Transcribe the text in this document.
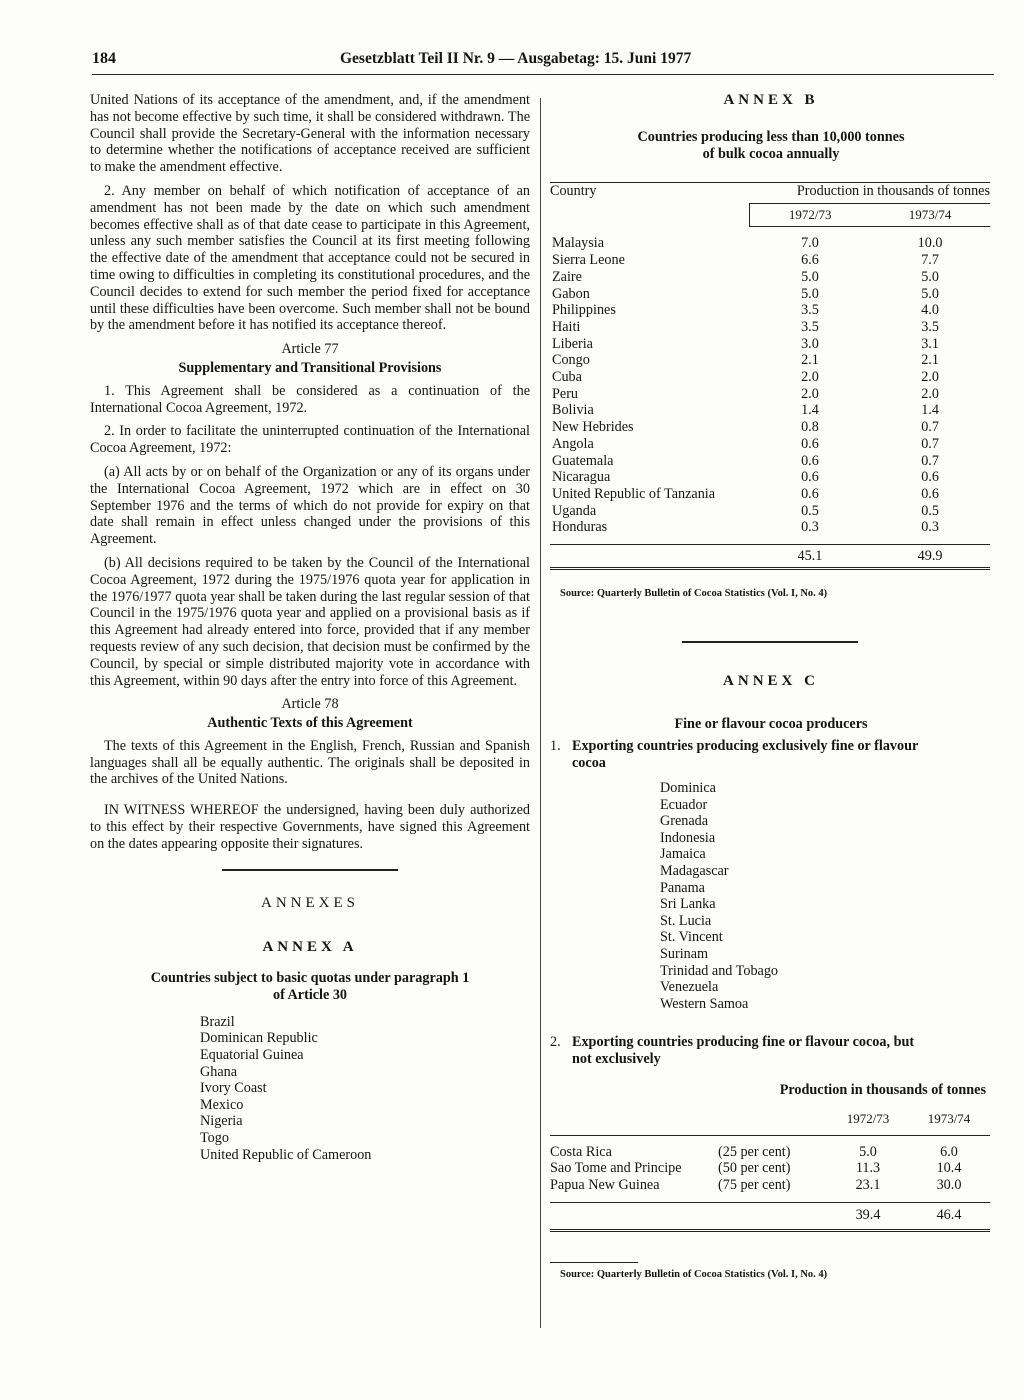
184	Gesetzblatt Teil II Nr. 9 — Ausgabetag: 15. Juni 1977

United Nations of its acceptance of the amendment, and, if the amendment has not become effective by such time, it shall be considered withdrawn. The Council shall provide the Secretary-General with the information necessary to determine whether the notifications of acceptance received are sufficient to make the amendment effective.

2. Any member on behalf of which notification of acceptance of an amendment has not been made by the date on which such amendment becomes effective shall as of that date cease to participate in this Agreement, unless any such member satisfies the Council at its first meeting following the effective date of the amendment that acceptance could not be secured in time owing to difficulties in completing its constitutional procedures, and the Council decides to extend for such member the period fixed for acceptance until these difficulties have been overcome. Such member shall not be bound by the amendment before it has notified its acceptance thereof.

Article 77
Supplementary and Transitional Provisions

1. This Agreement shall be considered as a continuation of the International Cocoa Agreement, 1972.

2. In order to facilitate the uninterrupted continuation of the International Cocoa Agreement, 1972:

(a) All acts by or on behalf of the Organization or any of its organs under the International Cocoa Agreement, 1972 which are in effect on 30 September 1976 and the terms of which do not provide for expiry on that date shall remain in effect unless changed under the provisions of this Agreement.

(b) All decisions required to be taken by the Council of the International Cocoa Agreement, 1972 during the 1975/1976 quota year for application in the 1976/1977 quota year shall be taken during the last regular session of that Council in the 1975/1976 quota year and applied on a provisional basis as if this Agreement had already entered into force, provided that if any member requests review of any such decision, that decision must be confirmed by the Council, by special or simple distributed majority vote in accordance with this Agreement, within 90 days after the entry into force of this Agreement.

Article 78
Authentic Texts of this Agreement

The texts of this Agreement in the English, French, Russian and Spanish languages shall all be equally authentic. The originals shall be deposited in the archives of the United Nations.

IN WITNESS WHEREOF the undersigned, having been duly authorized to this effect by their respective Governments, have signed this Agreement on the dates appearing opposite their signatures.

ANNEXES
ANNEX A
Countries subject to basic quotas under paragraph 1
of Article 30
Brazil
Dominican Republic
Equatorial Guinea
Ghana
Ivory Coast
Mexico
Nigeria
Togo
United Republic of Cameroon
ANNEX B
Countries producing less than 10,000 tonnes
of bulk cocoa annually
Country	Production in thousands of tonnes	
	1972/73	1973/74

Malaysia	7.0	10.0
Sierra Leone	6.6	7.7
Zaire	5.0	5.0
Gabon	5.0	5.0
Philippines	3.5	4.0
Haiti	3.5	3.5
Liberia	3.0	3.1
Congo	2.1	2.1
Cuba	2.0	2.0
Peru	2.0	2.0
Bolivia	1.4	1.4
New Hebrides	0.8	0.7
Angola	0.6	0.7
Guatemala	0.6	0.7
Nicaragua	0.6	0.6
United Republic of Tanzania	0.6	0.6
Uganda	0.5	0.5
Honduras	0.3	0.3

	45.1	49.9
Source: Quarterly Bulletin of Cocoa Statistics (Vol. I, No. 4)
ANNEX C
Fine or flavour cocoa producers
1. Exporting countries producing exclusively fine or flavour
cocoa
Dominica
Ecuador
Grenada
Indonesia
Jamaica
Madagascar
Panama
Sri Lanka
St. Lucia
St. Vincent
Surinam
Trinidad and Tobago
Venezuela
Western Samoa
2. Exporting countries producing fine or flavour cocoa, but
not exclusively
Production in thousands of tonnes
		1972/73	1973/74

Costa Rica	(25 per cent)	5.0	6.0
Sao Tome and Principe	(50 per cent)	11.3	10.4
Papua New Guinea	(75 per cent)	23.1	30.0

		39.4	46.4
Source: Quarterly Bulletin of Cocoa Statistics (Vol. I, No. 4)
